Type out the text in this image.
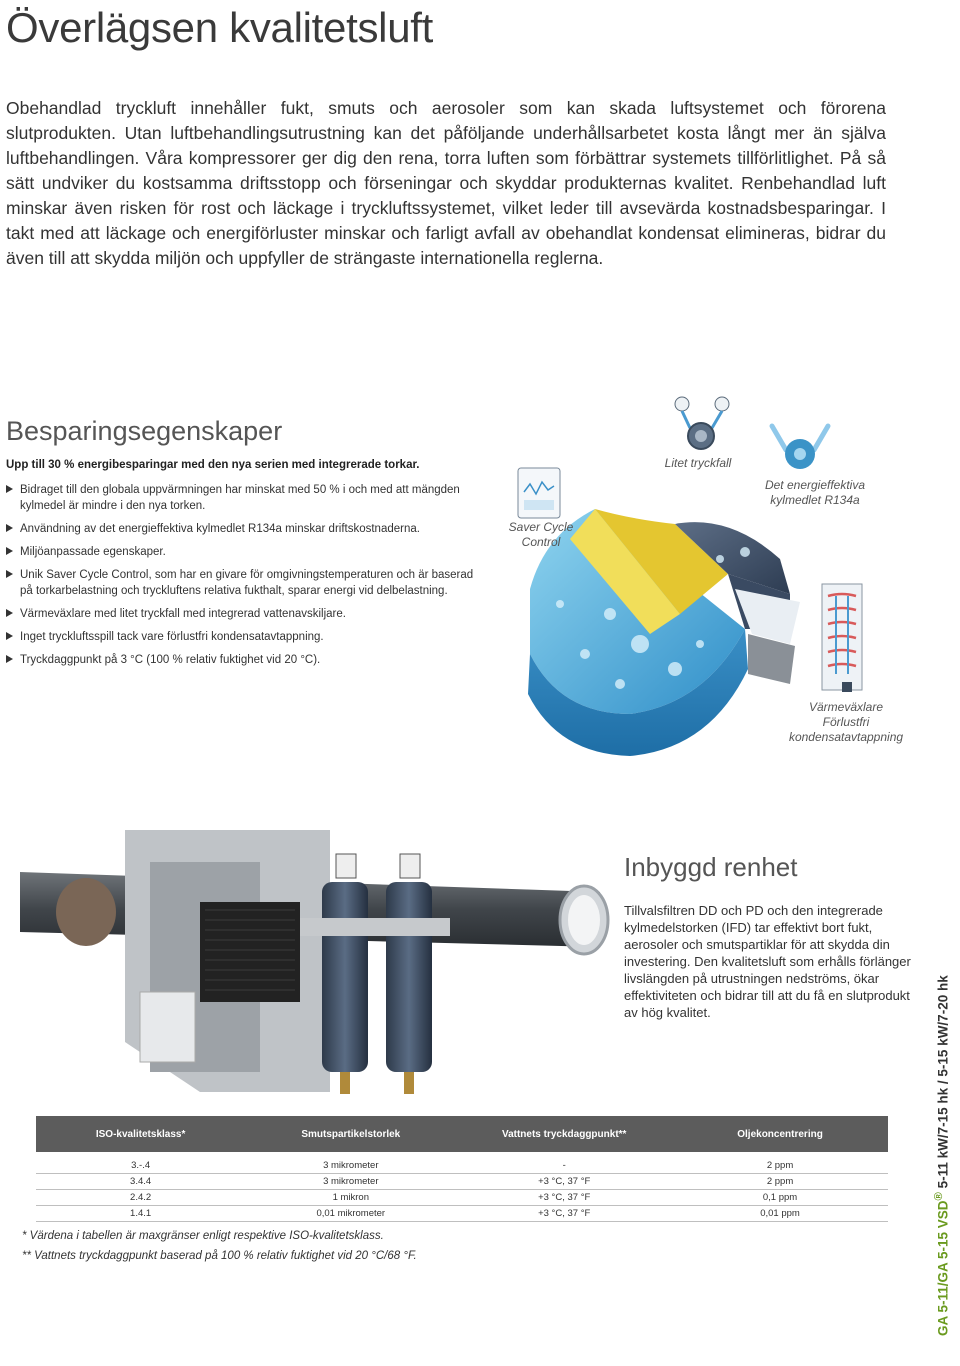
Överlägsen kvalitetsluft

Obehandlad tryckluft innehåller fukt, smuts och aerosoler som kan skada luftsystemet och förorena slutprodukten. Utan luftbehandlingsutrustning kan det påföljande underhållsarbetet kosta långt mer än själva luftbehandlingen. Våra kompressorer ger dig den rena, torra luften som förbättrar systemets tillförlitlighet. På så sätt undviker du kostsamma driftsstopp och förseningar och skyddar produkternas kvalitet. Renbehandlad luft minskar även risken för rost och läckage i tryckluftssystemet, vilket leder till avsevärda kostnadsbesparingar. I takt med att läckage och energiförluster minskar och farligt avfall av obehandlat kondensat elimineras, bidrar du även till att skydda miljön och uppfyller de strängaste internationella reglerna.

Besparingsegenskaper
Upp till 30 % energibesparingar med den nya serien med integrerade torkar.
Bidraget till den globala uppvärmningen har minskat med 50 % i och med att mängden kylmedel är mindre i den nya torken.
Användning av det energieffektiva kylmedlet R134a minskar driftskostnaderna.
Miljöanpassade egenskaper.
Unik Saver Cycle Control, som har en givare för omgivningstemperaturen och är baserad på torkarbelastning och tryckluftens relativa fukthalt, sparar energi vid delbelastning.
Värmeväxlare med litet tryckfall med integrerad vattenavskiljare.
Inget tryckluftsspill tack vare förlustfri kondensatavtappning.
Tryckdaggpunkt på 3 °C (100 % relativ fuktighet vid 20 °C).
Saver Cycle
Control
Litet tryckfall
Det energieffektiva
kylmedlet R134a
Värmeväxlare
Förlustfri
kondensatavtappning
Inbyggd renhet

Tillvalsfiltren DD och PD och den integrerade kylmedelstorken (IFD) tar effektivt bort fukt, aerosoler och smutspartiklar för att skydda din investering. Den kvalitetsluft som erhålls förlänger livslängden på utrustningen nedströms, ökar effektiviteten och bidrar till att du få en slutprodukt av hög kvalitet.

ISO-kvalitetsklass*	Smutspartikelstorlek	Vattnets tryckdaggpunkt**	Oljekoncentrering

3.-.4	3 mikrometer	-	2 ppm
3.4.4	3 mikrometer	+3 °C, 37 °F	2 ppm
2.4.2	1 mikron	+3 °C, 37 °F	0,1 ppm
1.4.1	0,01 mikrometer	+3 °C, 37 °F	0,01 ppm
* Värdena i tabellen är maxgränser enligt respektive ISO-kvalitetsklass.
** Vattnets tryckdaggpunkt baserad på 100 % relativ fuktighet vid 20 °C/68 °F.	GA 5-11/GA 5-15 VSD® 5-11 kW/7-15 hk / 5-15 kW/7-20 hk
